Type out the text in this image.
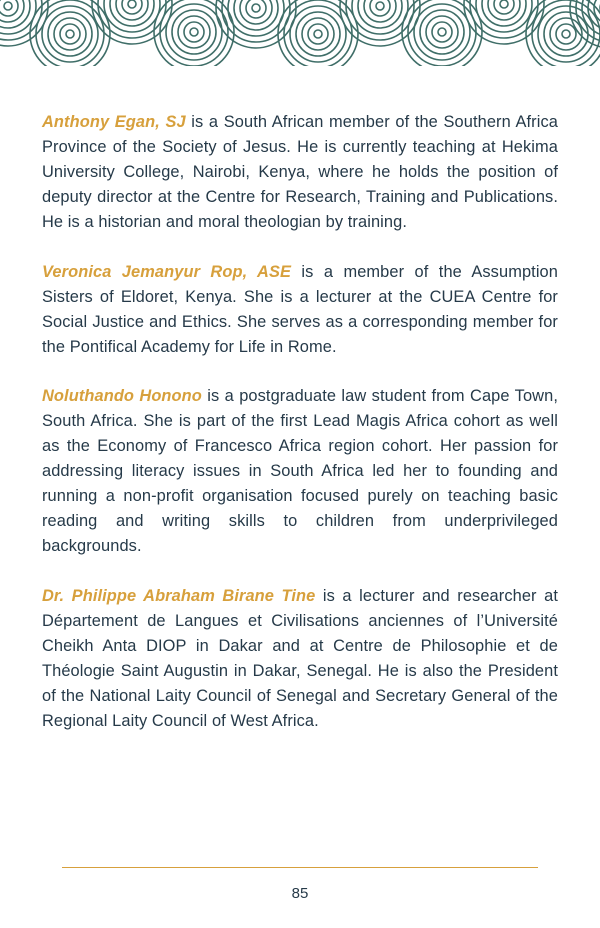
Anthony Egan, SJ is a South African member of the Southern Africa Province of the Society of Jesus. He is currently teaching at Hekima University College, Nairobi, Kenya, where he holds the position of deputy director at the Centre for Research, Training and Publications. He is a historian and moral theologian by training.

Veronica Jemanyur Rop, ASE is a member of the Assumption Sisters of Eldoret, Kenya. She is a lecturer at the CUEA Centre for Social Justice and Ethics. She serves as a corresponding member for the Pontifical Academy for Life in Rome.

Noluthando Honono is a postgraduate law student from Cape Town, South Africa. She is part of the first Lead Magis Africa cohort as well as the Economy of Francesco Africa region cohort. Her passion for addressing literacy issues in South Africa led her to founding and running a non-profit organisation focused purely on teaching basic reading and writing skills to children from underprivileged backgrounds.

Dr. Philippe Abraham Birane Tine is a lecturer and researcher at Département de Langues et Civilisations anciennes of l’Université Cheikh Anta DIOP in Dakar and at Centre de Philosophie et de Théologie Saint Augustin in Dakar, Senegal. He is also the President of the National Laity Council of Senegal and Secretary General of the Regional Laity Council of West Africa.

85
